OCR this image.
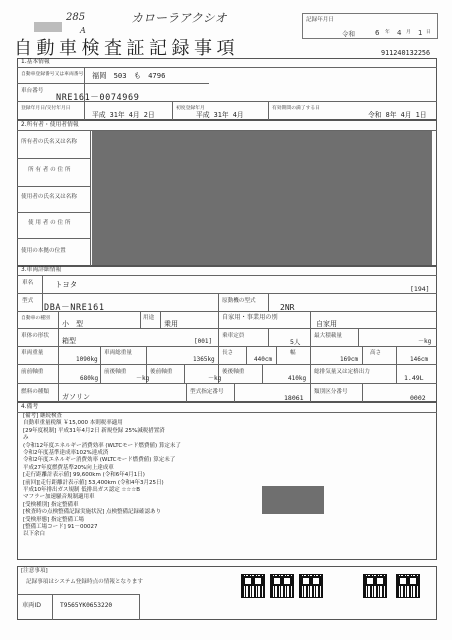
285
A
カローラアクシオ	記録年月日
令和	6 年 4 月 1 日
自動車検査証記録事項	911240132256
1.基本情報
自動車登録番号又は車両番号 福岡　503　も　4796
車台番号
NRE161－0074969
登録年月日/交付年月日
平成 31年 4月 2日
初度登録年月
平成 31年 4月
有効期間の満了する日
令和 8年 4月 1日
2.所有者・使用者情報
所有者の氏名又は名称
所 有 者 の 住 所
使用者の氏名又は名称
使 用 者 の 住 所
使用の本拠の位置
3.車両詳細情報
車名	トヨタ	[194]
型式
DBA－NRE161
原動機の型式
2NR
自動車の種別
小　型
用途
乗用
自家用・事業用の別
自家用
車体の形状
箱型	[001]
乗車定員
5人
最大積載量
－kg
車両重量
1090kg
車両総重量
1365kg
長さ
440cm
幅
169cm
高さ
146cm
前前軸重
680kg
前後軸重
－kg
後前軸重
－kg
後後軸重
410kg
総排気量又は定格出力
1.49L
燃料の種類
ガソリン
型式指定番号
18061
類別区分番号
0002
4.備考
[備考] 継続検査
自動車重量税額 ￥15,000 本則税率適用
[29年度税制] 平成31年4月2日 新規登録 25%減税措置済
み
(令和12年度エネルギー消費効率 (WLTCモード燃費値) 算定未了
令和2年度基準達成率102%達成済
令和2年度エネルギー消費効率 (WLTCモード燃費値) 算定未了
平成27年度燃費基準20%向上達成車
[走行距離計表示値] 99,600km (令和6年4月1日)
[前回][走行距離計表示値] 53,400km (令和4年3月25日)
平成10年排出ガス規制 低排出ガス認定 ☆☆☆B
マフラー加速騒音規制適用車
[受検種別] 指定整備車
[検査時の点検整備記録実施状況] 点検整備記録確認あり
[受検形態] 指定整備工場
[整備工場コード] 91－00027
以下余白
[注意事項]
記録事項はシステム登録時点の情報となります
車両ID	T9565YK0653220
